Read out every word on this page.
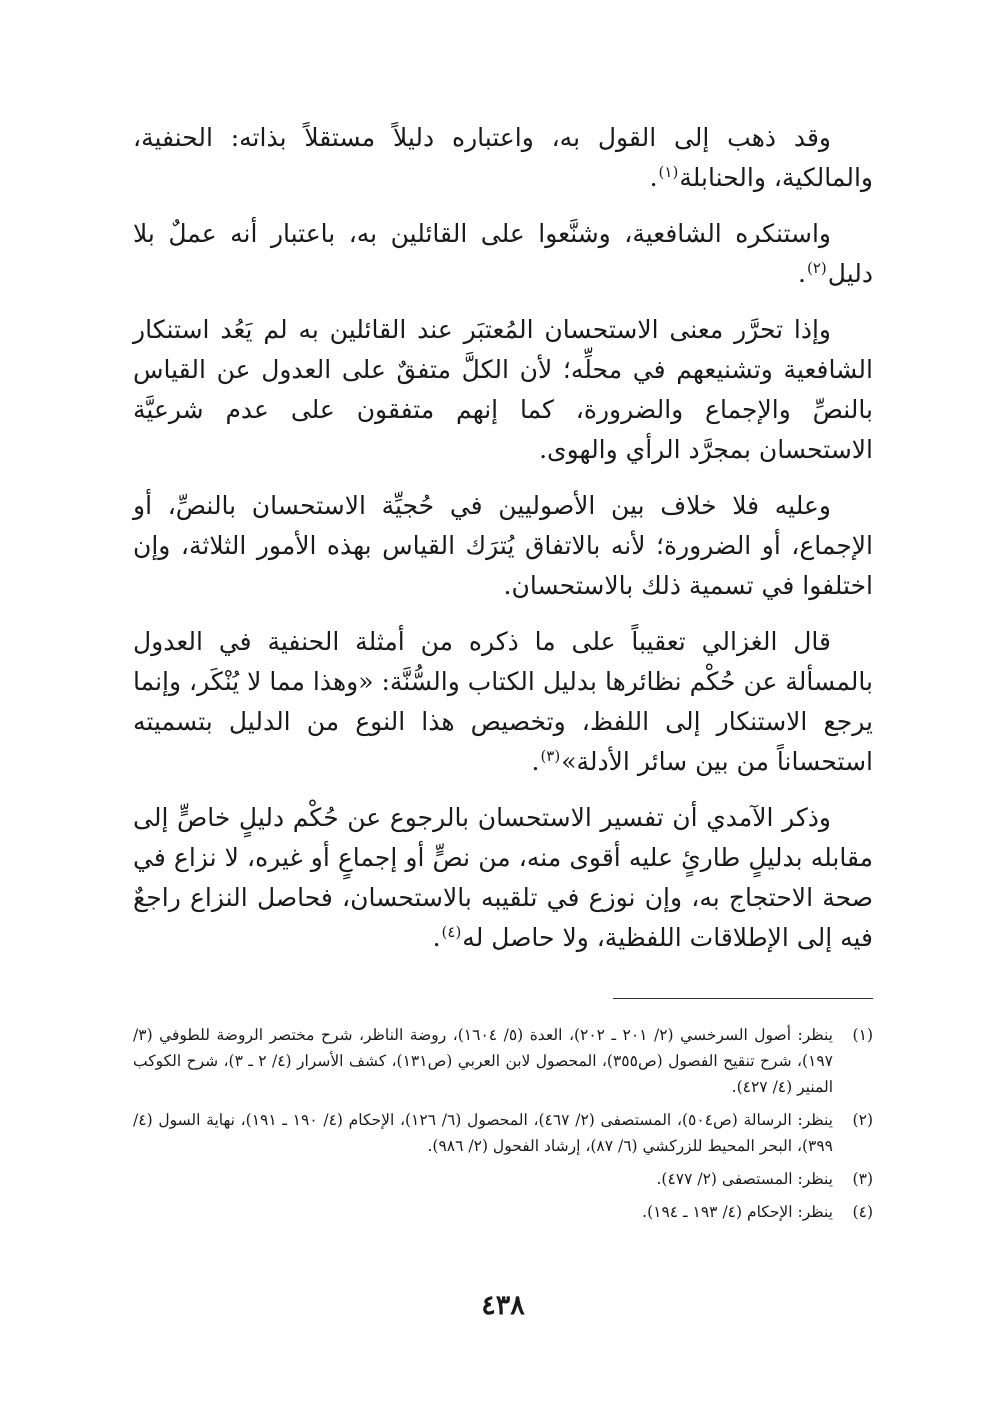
وقد ذهب إلى القول به، واعتباره دليلاً مستقلاً بذاته: الحنفية، والمالكية، والحنابلة$^{(١)}$.

واستنكره الشافعية، وشنَّعوا على القائلين به، باعتبار أنه عملٌ بلا دليل$^{(٢)}$.

وإذا تحرَّر معنى الاستحسان المُعتبَر عند القائلين به لم يَعُد استنكار الشافعية وتشنيعهم في محلِّه؛ لأن الكلَّ متفقٌ على العدول عن القياس بالنصِّ والإجماع والضرورة، كما إنهم متفقون على عدم شرعيَّة الاستحسان بمجرَّد الرأي والهوى.

وعليه فلا خلاف بين الأصوليين في حُجيِّة الاستحسان بالنصِّ، أو الإجماع، أو الضرورة؛ لأنه بالاتفاق يُترَك القياس بهذه الأمور الثلاثة، وإن اختلفوا في تسمية ذلك بالاستحسان.

قال الغزالي تعقيباً على ما ذكره من أمثلة الحنفية في العدول بالمسألة عن حُكْم نظائرها بدليل الكتاب والسُّنَّة: «وهذا مما لا يُنْكَر، وإنما يرجع الاستنكار إلى اللفظ، وتخصيص هذا النوع من الدليل بتسميته استحساناً من بين سائر الأدلة»$^{(٣)}$.

وذكر الآمدي أن تفسير الاستحسان بالرجوع عن حُكْم دليلٍ خاصٍّ إلى مقابله بدليلٍ طارئٍ عليه أقوى منه، من نصٍّ أو إجماعٍ أو غيره، لا نزاع في صحة الاحتجاج به، وإن نوزع في تلقيبه بالاستحسان، فحاصل النزاع راجعٌ فيه إلى الإطلاقات اللفظية، ولا حاصل له$^{(٤)}$.

(١)
ينظر: أصول السرخسي (٢/ ٢٠١ ـ ٢٠٢)، العدة (٥/ ١٦٠٤)، روضة الناظر، شرح مختصر الروضة للطوفي (٣/ ١٩٧)، شرح تنقيح الفصول (ص٣٥٥)، المحصول لابن العربي (ص١٣١)، كشف الأسرار (٤/ ٢ ـ ٣)، شرح الكوكب المنير (٤/ ٤٢٧).
(٢)
ينظر: الرسالة (ص٥٠٤)، المستصفى (٢/ ٤٦٧)، المحصول (٦/ ١٢٦)، الإحكام (٤/ ١٩٠ ـ ١٩١)، نهاية السول (٤/ ٣٩٩)، البحر المحيط للزركشي (٦/ ٨٧)، إرشاد الفحول (٢/ ٩٨٦).
(٣)
ينظر: المستصفى (٢/ ٤٧٧).
(٤)
ينظر: الإحكام (٤/ ١٩٣ ـ ١٩٤).
٤٣٨
